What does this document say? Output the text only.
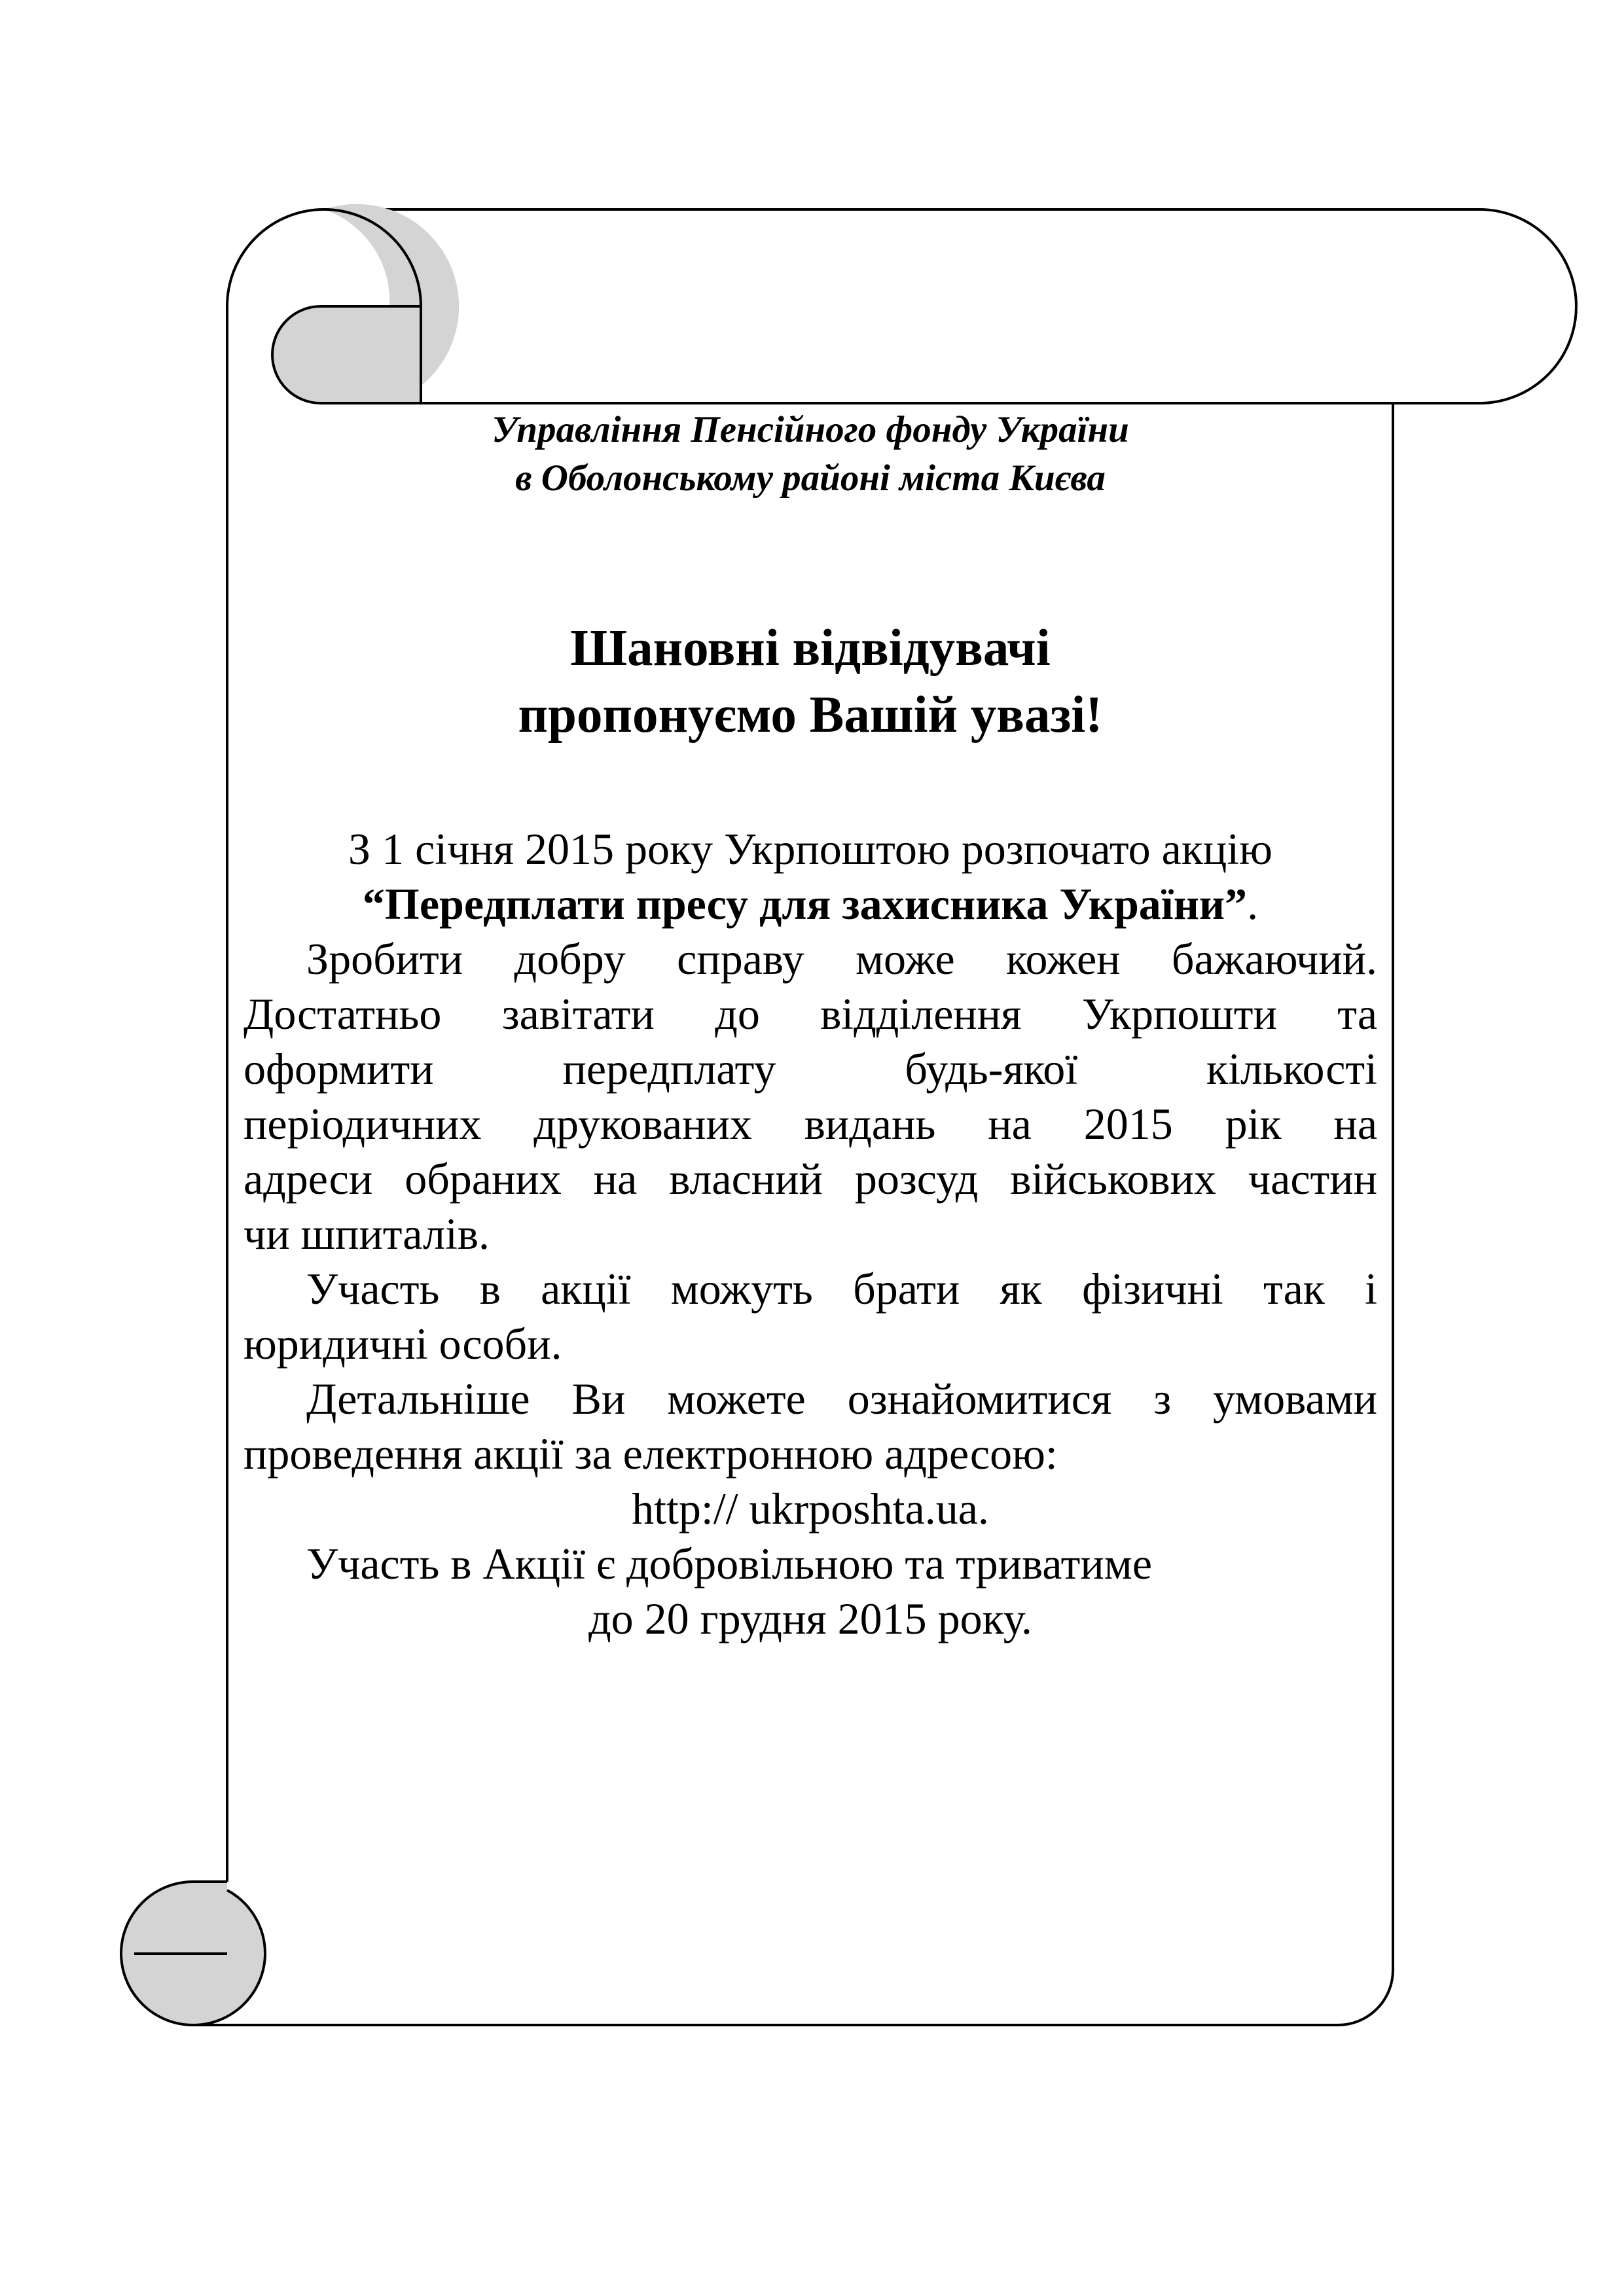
Управління Пенсійного фонду України
в Оболонському районі міста Києва
Шановні відвідувачі
пропонуємо Вашій увазі!

З 1 січня 2015 року Укрпоштою розпочато акцію

“Передплати пресу для захисника України”.

Зробити добру справу може кожен бажаючий.

Достатньо завітати до відділення Укрпошти та

оформити передплату будь-якої кількості

періодичних друкованих видань на 2015 рік на

адреси обраних на власний розсуд військових частин

чи шпиталів.

Участь в акції можуть брати як фізичні так і

юридичні особи.

Детальніше Ви можете ознайомитися з умовами

проведення акції за електронною адресою:

http:// ukrposhta.ua.

Участь в Акції є добровільною та триватиме

до 20 грудня 2015 року.
